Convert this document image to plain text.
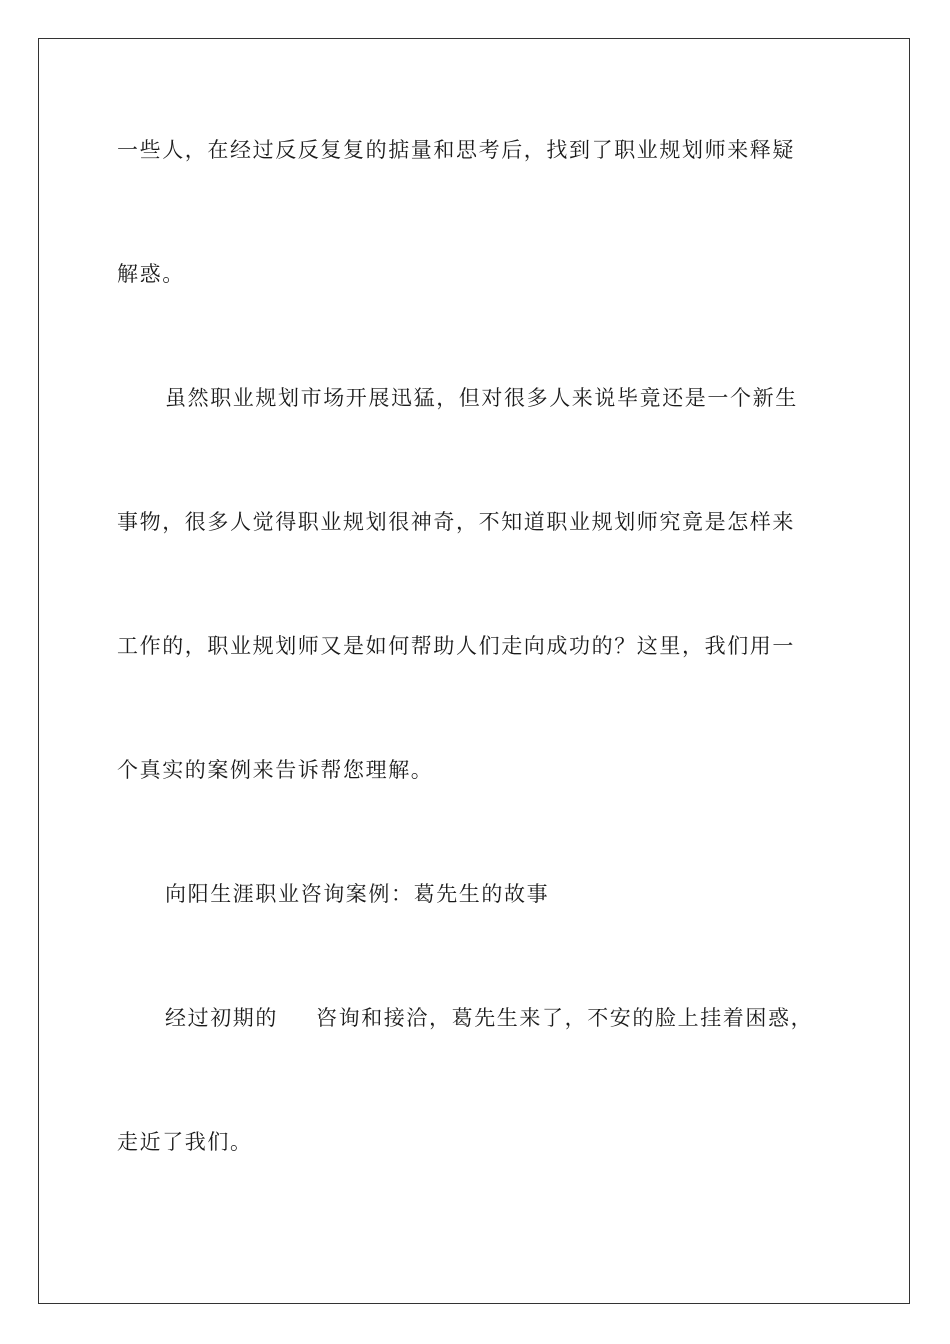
一些人，在经过反反复复的掂量和思考后，找到了职业规划师来释疑
解惑。
虽然职业规划市场开展迅猛，但对很多人来说毕竟还是一个新生
事物，很多人觉得职业规划很神奇，不知道职业规划师究竟是怎样来
工作的，职业规划师又是如何帮助人们走向成功的？这里，我们用一
个真实的案例来告诉帮您理解。
向阳生涯职业咨询案例：葛先生的故事
经过初期的 咨询和接洽，葛先生来了，不安的脸上挂着困惑，
走近了我们。
